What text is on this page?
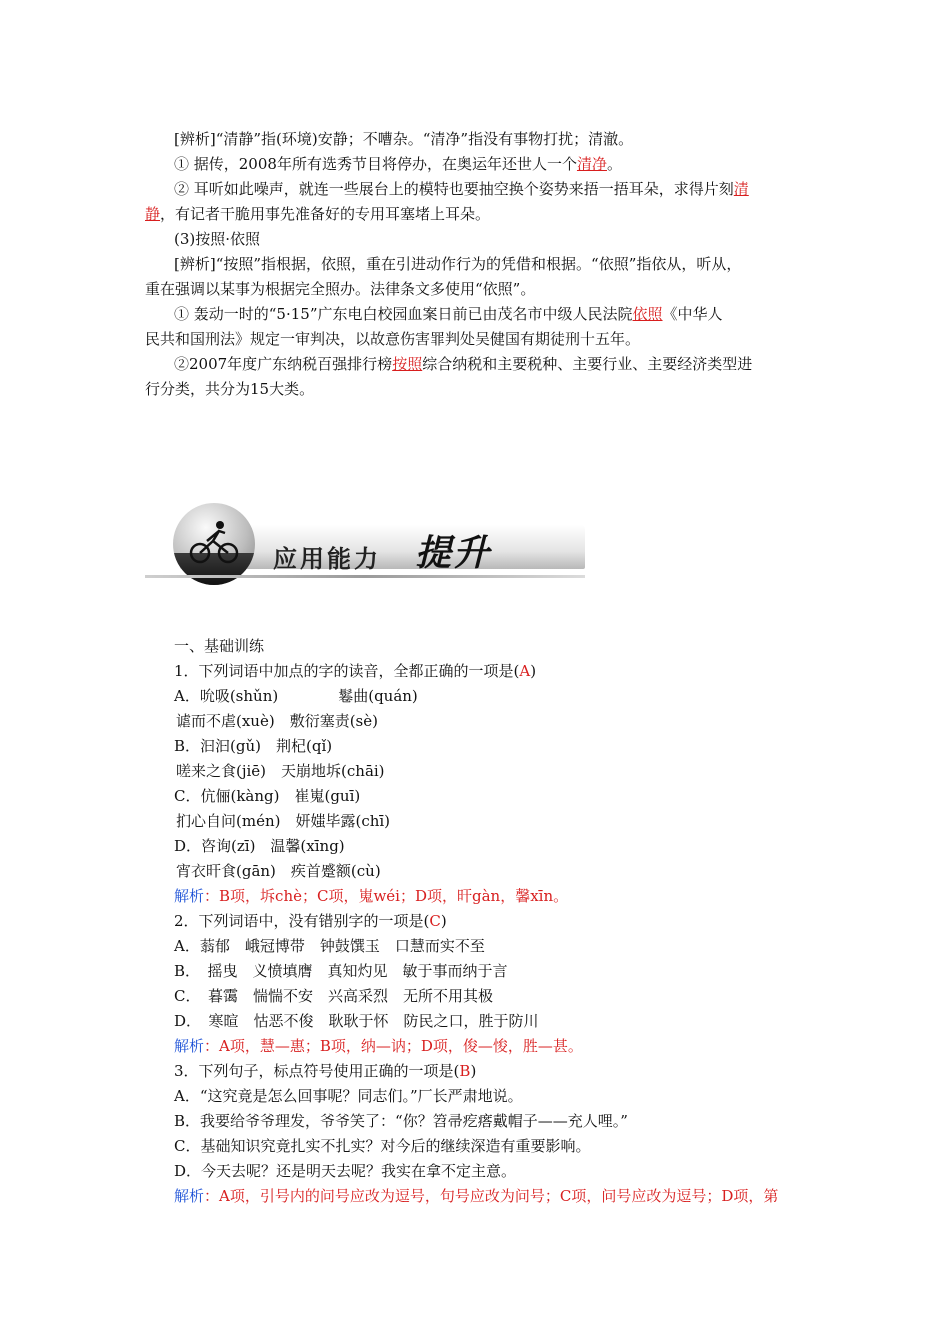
[辨析]“清静”指(环境)安静；不嘈杂。“清净”指没有事物打扰；清澈。
① 据传，2008年所有选秀节目将停办，在奥运年还世人一个清净。
② 耳听如此噪声，就连一些展台上的模特也要抽空换个姿势来捂一捂耳朵，求得片刻清
静，有记者干脆用事先准备好的专用耳塞堵上耳朵。
(3)按照·依照
[辨析]“按照”指根据，依照，重在引进动作行为的凭借和根据。“依照”指依从，听从，
重在强调以某事为根据完全照办。法律条文多使用“依照”。
① 轰动一时的“5·15”广东电白校园血案日前已由茂名市中级人民法院依照《中华人
民共和国刑法》规定一审判决，以故意伤害罪判处吴健国有期徒刑十五年。
②2007年度广东纳税百强排行榜按照综合纳税和主要税种、主要行业、主要经济类型进
行分类，共分为15大类。
应用能力 提升
一、基础训练
1．下列词语中加点的字的读音，全都正确的一项是(A)
A．吮吸(shǔn)	鬈曲(quán)
谑而不虐(xuè)　敷衍塞责(sè)
B．汩汩(gǔ)　荆杞(qǐ)
嗟来之食(jiē)　天崩地坼(chāi)
C．伉俪(kàng)　崔嵬(guī)
扪心自问(mén)　妍媸毕露(chī)
D．咨询(zī)　温馨(xīng)
宵衣旰食(gān)　疾首蹙额(cù)
解析：B项，坼chè；C项，嵬wéi；D项，旰gàn，馨xīn。
2．下列词语中，没有错别字的一项是(C)
A．蓊郁　峨冠博带　钟鼓馔玉　口慧而实不至
B．　摇曳　义愤填膺　真知灼见　敏于事而纳于言
C．　暮霭　惴惴不安　兴高采烈　无所不用其极
D．　寒暄　怙恶不俊　耿耿于怀　防民之口，胜于防川
解析：A项，慧—惠；B项，纳—讷；D项，俊—悛，胜—甚。
3．下列句子，标点符号使用正确的一项是(B)
A．“这究竟是怎么回事呢？同志们。”厂长严肃地说。
B．我要给爷爷理发，爷爷笑了：“你？笤帚疙瘩戴帽子——充人哩。”
C．基础知识究竟扎实不扎实？对今后的继续深造有重要影响。
D．今天去呢？还是明天去呢？我实在拿不定主意。
解析：A项，引号内的问号应改为逗号，句号应改为问号；C项，问号应改为逗号；D项，第
